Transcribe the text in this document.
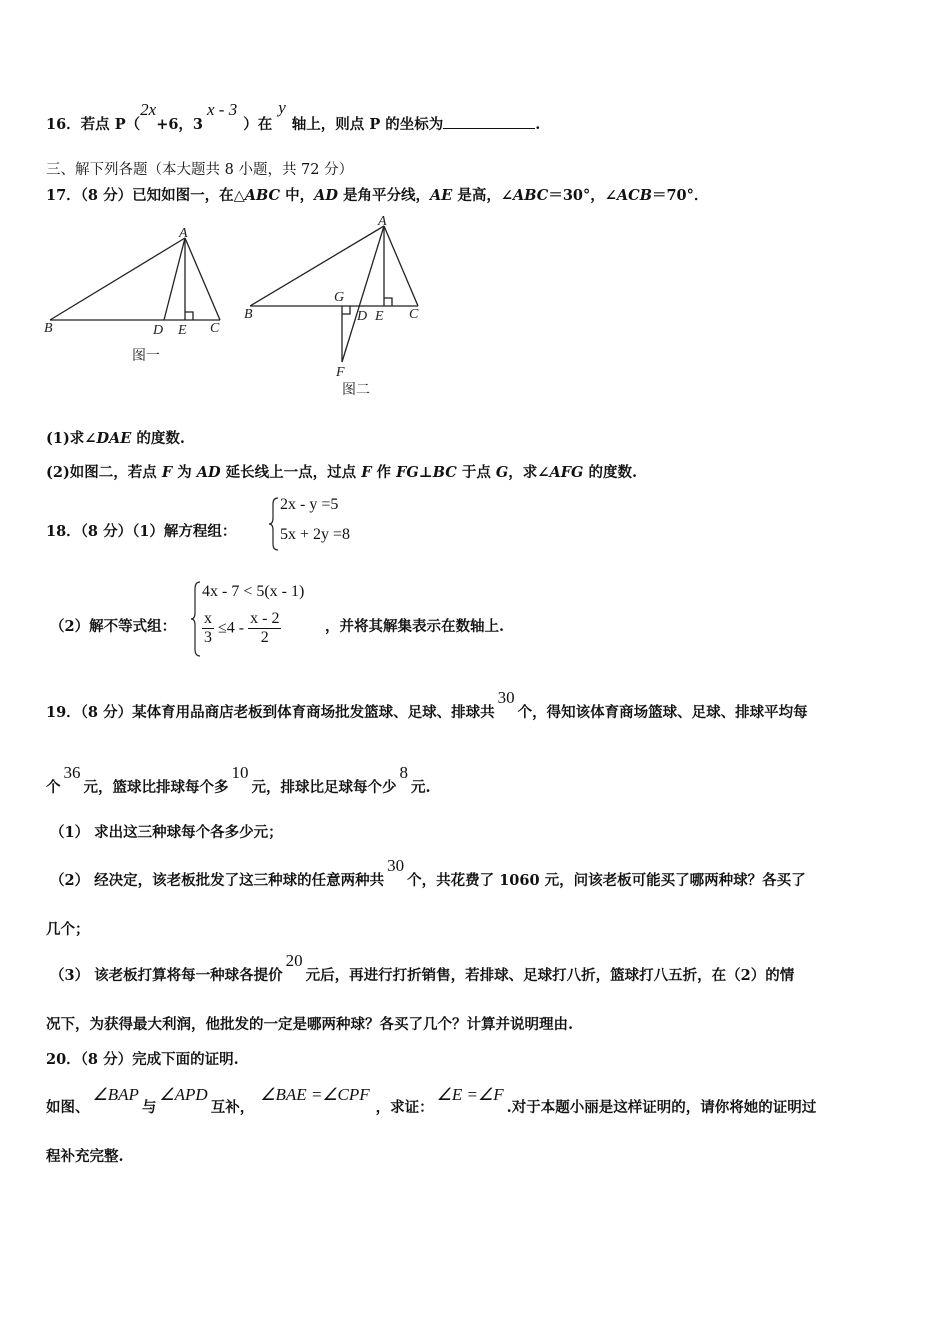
16．若点 P（2x+6，3x - 3）在y轴上，则点 P 的坐标为	.
三、解下列各题（本大题共 8 小题，共 72 分）
17．（8 分）已知如图一，在△ABC 中，AD 是角平分线，AE 是高，∠ABC＝30°，∠ACB＝70°．
A
B	D E C
图一
A
B
G
D E C
F
图二
(1)求∠DAE 的度数.
(2)如图二，若点 F 为 AD 延长线上一点，过点 F 作 FG⊥BC 于点 G，求∠AFG 的度数.
18．（8 分）（1）解方程组：
2x - y =5
5x + 2y =8
（2）解不等式组：
4x - 7 < 5(x - 1)
$\frac{x}{3} \le 4 - \frac{x - 2}{2}$	，并将其解集表示在数轴上.
19．（8 分）某体育用品商店老板到体育商场批发篮球、足球、排球共30个，得知该体育商场篮球、足球、排球平均每
个36元，篮球比排球每个多10元，排球比足球每个少8元.
（1） 求出这三种球每个各多少元；
（2） 经决定，该老板批发了这三种球的任意两种共30个，共花费了 1060 元，问该老板可能买了哪两种球？各买了
几个；
（3） 该老板打算将每一种球各提价20元后，再进行打折销售，若排球、足球打八折，篮球打八五折，在（2）的情
况下，为获得最大利润，他批发的一定是哪两种球？各买了几个？计算并说明理由.
20．（8 分）完成下面的证明.
如图、∠BAP与∠APD互补，∠BAE =∠CPF，求证：∠E =∠F.对于本题小丽是这样证明的，请你将她的证明过
程补充完整.
